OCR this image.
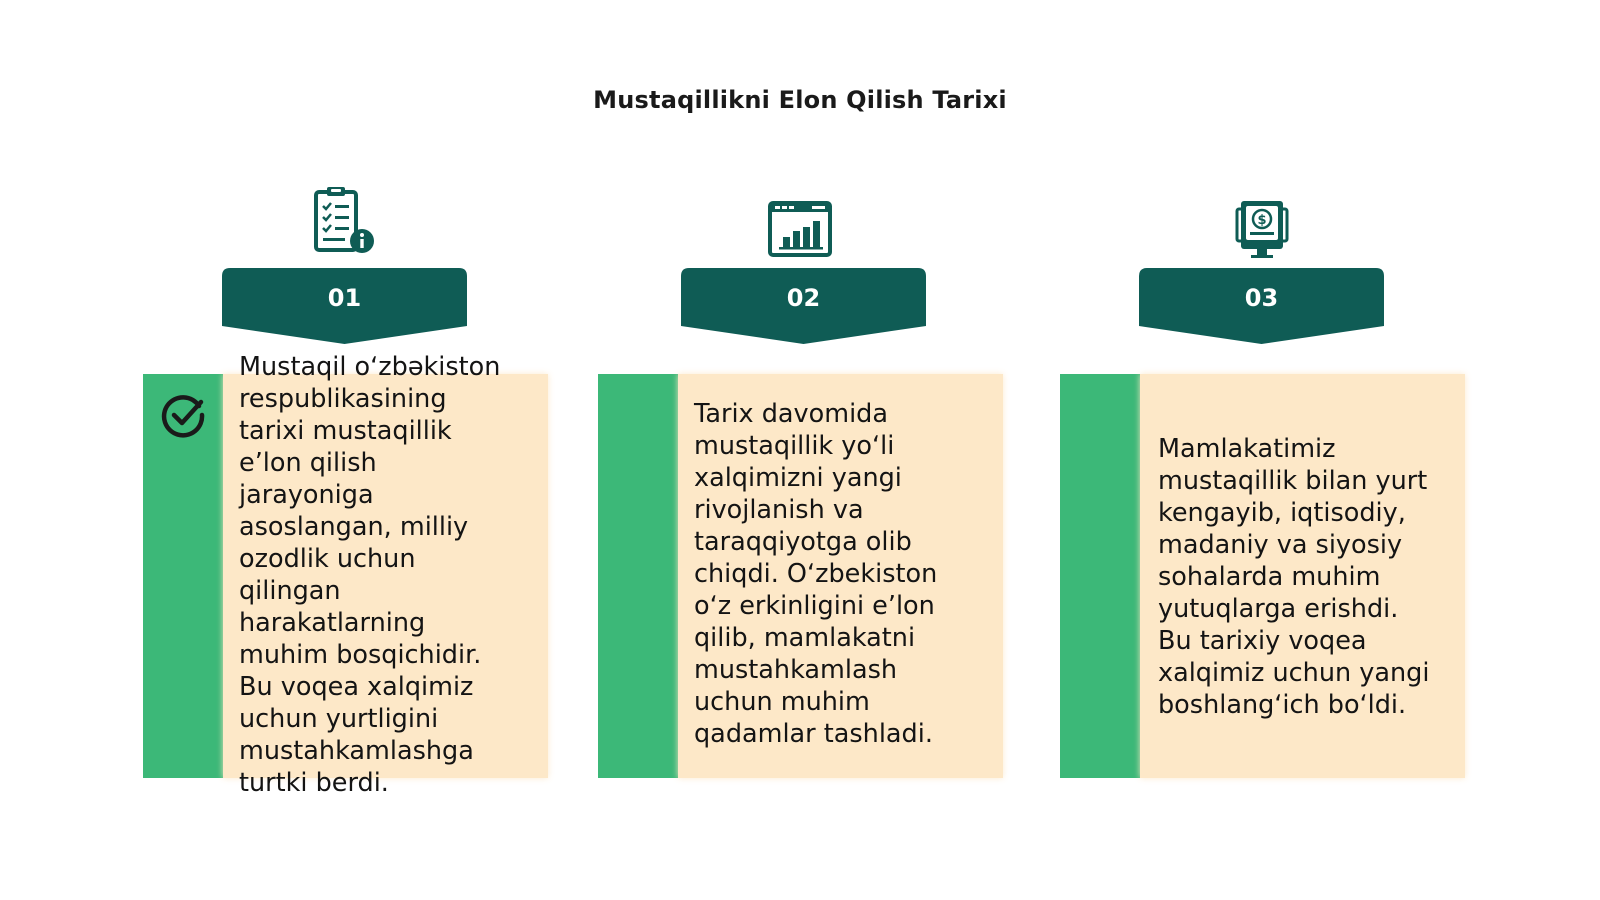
Mustaqillikni Elon Qilish Tarixi
01
Mustaqil oʻzbəkiston
respublikasining
tarixi mustaqillik
e’lon qilish
jarayoniga
asoslangan, milliy
ozodlik uchun
qilingan
harakatlarning
muhim bosqichidir.
Bu voqea xalqimiz
uchun yurtligini
mustahkamlashga
turtki berdi.
02
Tarix davomida
mustaqillik yoʻli
xalqimizni yangi
rivojlanish va
taraqqiyotga olib
chiqdi. Oʻzbekiston
oʻz erkinligini e’lon
qilib, mamlakatni
mustahkamlash
uchun muhim
qadamlar tashladi.
$
03
Mamlakatimiz
mustaqillik bilan yurt
kengayib, iqtisodiy,
madaniy va siyosiy
sohalarda muhim
yutuqlarga erishdi.
Bu tarixiy voqea
xalqimiz uchun yangi
boshlangʻich boʻldi.
